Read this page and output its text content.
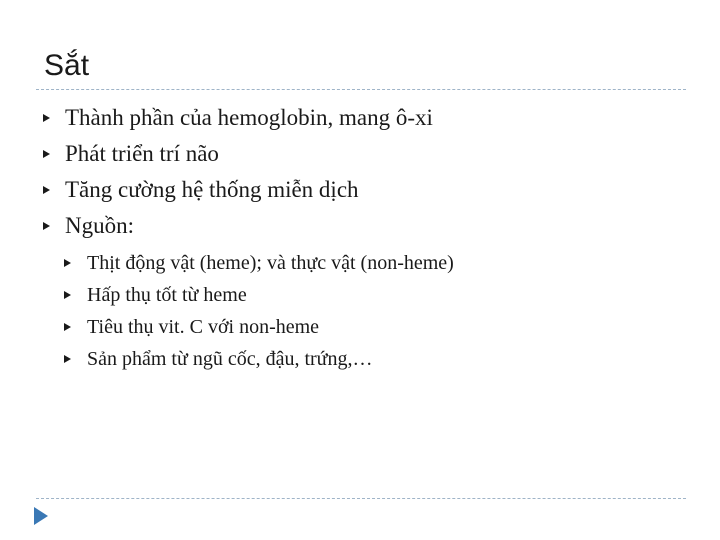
Sắt
Thành phần của hemoglobin, mang ô-xi
Phát triển trí não
Tăng cường hệ thống miễn dịch
Nguồn:
Thịt động vật (heme); và thực vật (non-heme)
Hấp thụ tốt từ heme
Tiêu thụ vit. C với non-heme
Sản phẩm từ ngũ cốc, đậu, trứng,…
